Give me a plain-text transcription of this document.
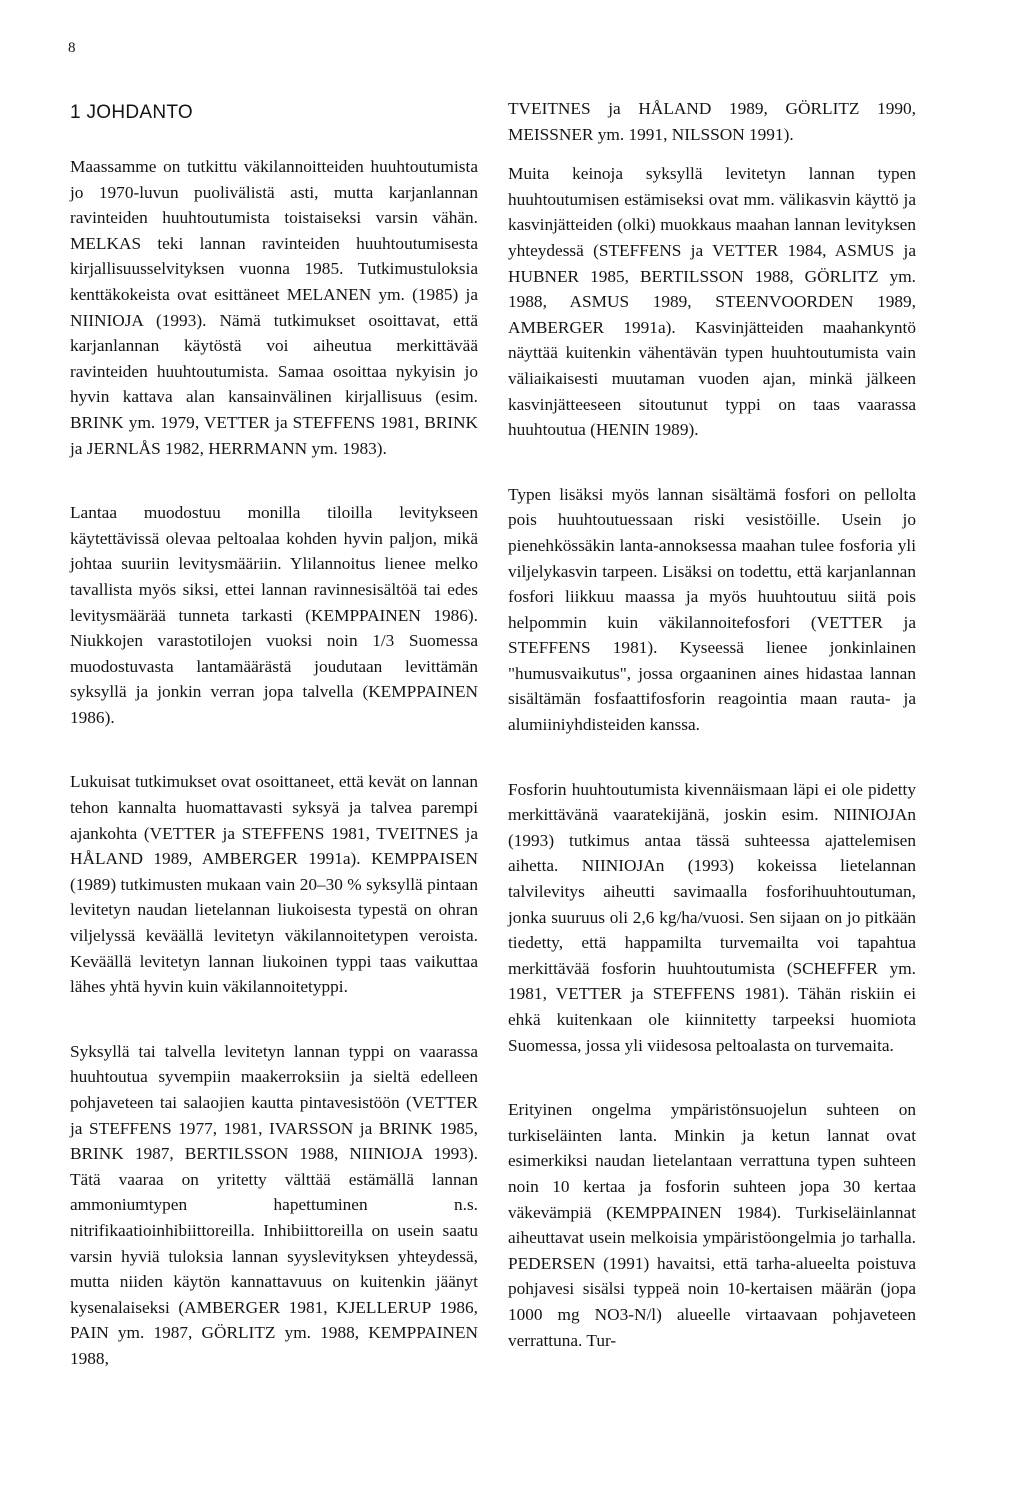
8
1 JOHDANTO

Maassamme on tutkittu väkilannoitteiden huuhtoutumista jo 1970-luvun puolivälistä asti, mutta karjanlannan ravinteiden huuhtoutumista toistaiseksi varsin vähän. MELKAS teki lannan ravinteiden huuhtoutumisesta kirjallisuusselvityksen vuonna 1985. Tutkimustuloksia kenttäkokeista ovat esittäneet MELANEN ym. (1985) ja NIINIOJA (1993). Nämä tutkimukset osoittavat, että karjanlannan käytöstä voi aiheutua merkittävää ravinteiden huuhtoutumista. Samaa osoittaa nykyisin jo hyvin kattava alan kansainvälinen kirjallisuus (esim. BRINK ym. 1979, VETTER ja STEFFENS 1981, BRINK ja JERNLÅS 1982, HERRMANN ym. 1983).

Lantaa muodostuu monilla tiloilla levitykseen käytettävissä olevaa peltoalaa kohden hyvin paljon, mikä johtaa suuriin levitysmääriin. Ylilannoitus lienee melko tavallista myös siksi, ettei lannan ravinnesisältöä tai edes levitysmäärää tunneta tarkasti (KEMPPAINEN 1986). Niukkojen varastotilojen vuoksi noin 1/3 Suomessa muodostuvasta lantamäärästä joudutaan levittämän syksyllä ja jonkin verran jopa talvella (KEMPPAINEN 1986).

Lukuisat tutkimukset ovat osoittaneet, että kevät on lannan tehon kannalta huomattavasti syksyä ja talvea parempi ajankohta (VETTER ja STEFFENS 1981, TVEITNES ja HÅLAND 1989, AMBERGER 1991a). KEMPPAISEN (1989) tutkimusten mukaan vain 20–30 % syksyllä pintaan levitetyn naudan lietelannan liukoisesta typestä on ohran viljelyssä keväällä levitetyn väkilannoitetypen veroista. Keväällä levitetyn lannan liukoinen typpi taas vaikuttaa lähes yhtä hyvin kuin väkilannoitetyppi.

Syksyllä tai talvella levitetyn lannan typpi on vaarassa huuhtoutua syvempiin maakerroksiin ja sieltä edelleen pohjaveteen tai salaojien kautta pintavesistöön (VETTER ja STEFFENS 1977, 1981, IVARSSON ja BRINK 1985, BRINK 1987, BERTILSSON 1988, NIINIOJA 1993). Tätä vaaraa on yritetty välttää estämällä lannan ammoniumtypen hapettuminen n.s. nitrifikaatioinhibiittoreilla. Inhibiittoreilla on usein saatu varsin hyviä tuloksia lannan syyslevityksen yhteydessä, mutta niiden käytön kannattavuus on kuitenkin jäänyt kysenalaiseksi (AMBERGER 1981, KJELLERUP 1986, PAIN ym. 1987, GÖRLITZ ym. 1988, KEMPPAINEN 1988,

TVEITNES ja HÅLAND 1989, GÖRLITZ 1990, MEISSNER ym. 1991, NILSSON 1991).

Muita keinoja syksyllä levitetyn lannan typen huuhtoutumisen estämiseksi ovat mm. välikasvin käyttö ja kasvinjätteiden (olki) muokkaus maahan lannan levityksen yhteydessä (STEFFENS ja VETTER 1984, ASMUS ja HUBNER 1985, BERTILSSON 1988, GÖRLITZ ym. 1988, ASMUS 1989, STEENVOORDEN 1989, AMBERGER 1991a). Kasvinjätteiden maahankyntö näyttää kuitenkin vähentävän typen huuhtoutumista vain väliaikaisesti muutaman vuoden ajan, minkä jälkeen kasvinjätteeseen sitoutunut typpi on taas vaarassa huuhtoutua (HENIN 1989).

Typen lisäksi myös lannan sisältämä fosfori on pellolta pois huuhtoutuessaan riski vesistöille. Usein jo pienehkössäkin lanta-annoksessa maahan tulee fosforia yli viljelykasvin tarpeen. Lisäksi on todettu, että karjanlannan fosfori liikkuu maassa ja myös huuhtoutuu siitä pois helpommin kuin väkilannoitefosfori (VETTER ja STEFFENS 1981). Kyseessä lienee jonkinlainen "humusvaikutus", jossa orgaaninen aines hidastaa lannan sisältämän fosfaattifosforin reagointia maan rauta- ja alumiiniyhdisteiden kanssa.

Fosforin huuhtoutumista kivennäismaan läpi ei ole pidetty merkittävänä vaaratekijänä, joskin esim. NIINIOJAn (1993) tutkimus antaa tässä suhteessa ajattelemisen aihetta. NIINIOJAn (1993) kokeissa lietelannan talvilevitys aiheutti savimaalla fosforihuuhtoutuman, jonka suuruus oli 2,6 kg/ha/vuosi. Sen sijaan on jo pitkään tiedetty, että happamilta turvemailta voi tapahtua merkittävää fosforin huuhtoutumista (SCHEFFER ym. 1981, VETTER ja STEFFENS 1981). Tähän riskiin ei ehkä kuitenkaan ole kiinnitetty tarpeeksi huomiota Suomessa, jossa yli viidesosa peltoalasta on turvemaita.

Erityinen ongelma ympäristönsuojelun suhteen on turkiseläinten lanta. Minkin ja ketun lannat ovat esimerkiksi naudan lietelantaan verrattuna typen suhteen noin 10 kertaa ja fosforin suhteen jopa 30 kertaa väkevämpiä (KEMPPAINEN 1984). Turkiseläinlannat aiheuttavat usein melkoisia ympäristöongelmia jo tarhalla. PEDERSEN (1991) havaitsi, että tarha-alueelta poistuva pohjavesi sisälsi typpeä noin 10-kertaisen määrän (jopa 1000 mg NO3-N/l) alueelle virtaavaan pohjaveteen verrattuna. Tur-
